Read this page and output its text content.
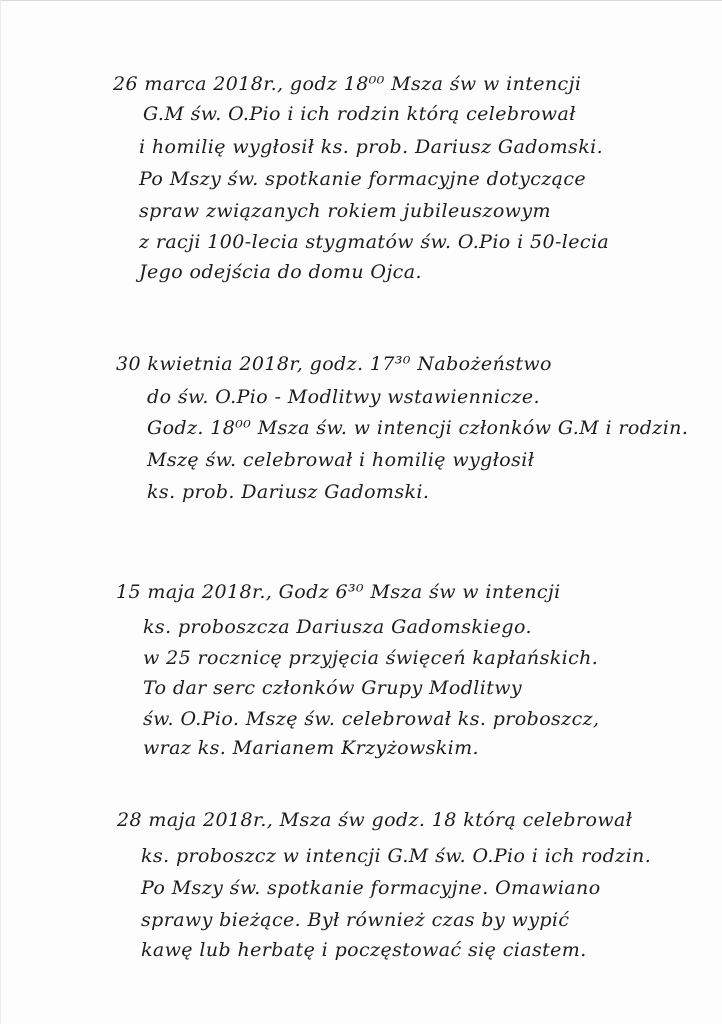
26 marca 2018r., godz 18⁰⁰ Msza św w intencji
G.M św. O.Pio i ich rodzin którą celebrował
i homilię wygłosił ks. prob. Dariusz Gadomski.
Po Mszy św. spotkanie formacyjne dotyczące
spraw związanych rokiem jubileuszowym
z racji 100-lecia stygmatów św. O.Pio i 50-lecia
Jego odejścia do domu Ojca.
30 kwietnia 2018r, godz. 17³⁰ Nabożeństwo
do św. O.Pio - Modlitwy wstawiennicze.
Godz. 18⁰⁰ Msza św. w intencji członków G.M i rodzin.
Mszę św. celebrował i homilię wygłosił
ks. prob. Dariusz Gadomski.
15 maja 2018r., Godz 6³⁰ Msza św w intencji
ks. proboszcza Dariusza Gadomskiego.
w 25 rocznicę przyjęcia święceń kapłańskich.
To dar serc członków Grupy Modlitwy
św. O.Pio. Mszę św. celebrował ks. proboszcz,
wraz ks. Marianem Krzyżowskim.
28 maja 2018r., Msza św godz. 18 którą celebrował
ks. proboszcz w intencji G.M św. O.Pio i ich rodzin.
Po Mszy św. spotkanie formacyjne. Omawiano
sprawy bieżące. Był również czas by wypić
kawę lub herbatę i poczęstować się ciastem.
